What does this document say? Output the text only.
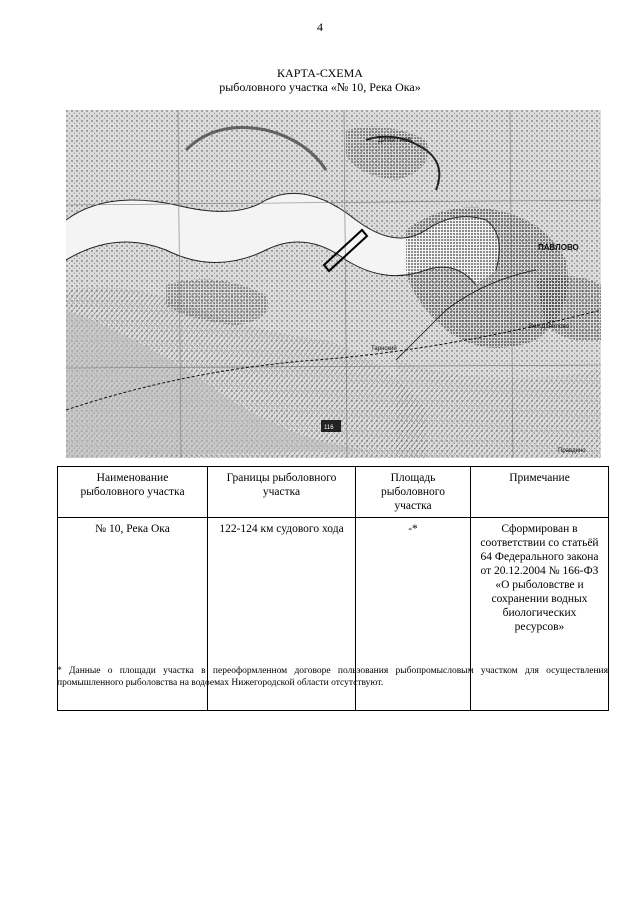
4
КАРТА-СХЕМА
рыболовного участка «№ 10, Река Ока»
ПАВЛОВО
ДИМИТРОВ
Вол.Данилово
Тарнский
116
Правдино
Наименование рыболовного участка	Границы рыболовного участка	Площадь рыболовного участка	Примечание
№ 10, Река Ока	122-124 км судового хода	-*	Сформирован в соответствии со статьёй 64 Федерального закона от 20.12.2004 № 166-ФЗ «О рыболовстве и сохранении водных биологических ресурсов»
* Данные о площади участка в переоформленном договоре пользования рыбопромысловым участком для осуществления промышленного рыболовства на водоемах Нижегородской области отсутствуют.
